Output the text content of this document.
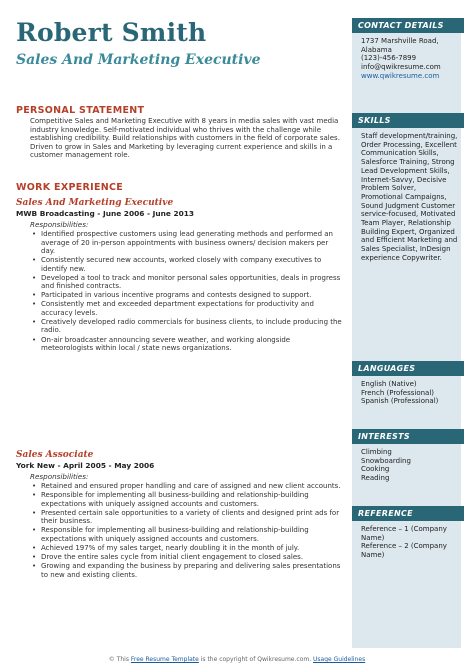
Robert Smith
Sales And Marketing Executive
PERSONAL STATEMENT
Competitive Sales and Marketing Executive with 8 years in media sales with vast media industry knowledge. Self-motivated individual who thrives with the challenge while establishing credibility. Build relationships with customers in the field of corporate sales. Driven to grow in Sales and Marketing by leveraging current experience and skills in a customer management role.
WORK EXPERIENCE
Sales And Marketing Executive
MWB Broadcasting - June 2006 - June 2013
Responsibilities:
• Identified prospective customers using lead generating methods and performed an average of 20 in-person appointments with business owners/ decision makers per day.
• Consistently secured new accounts, worked closely with company executives to identify new.
• Developed a tool to track and monitor personal sales opportunities, deals in progress and finished contracts.
• Participated in various incentive programs and contests designed to support.
• Consistently met and exceeded department expectations for productivity and accuracy levels.
• Creatively developed radio commercials for business clients, to include producing the radio.
• On-air broadcaster announcing severe weather, and working alongside meteorologists within local / state news organizations.
Sales Associate
York New - April 2005 - May 2006
Responsibilities:
• Retained and ensured proper handling and care of assigned and new client accounts.
• Responsible for implementing all business-building and relationship-building expectations with uniquely assigned accounts and customers.
• Presented certain sale opportunities to a variety of clients and designed print ads for their business.
• Responsible for implementing all business-building and relationship-building expectations with uniquely assigned accounts and customers.
• Achieved 197% of my sales target, nearly doubling it in the month of july.
• Drove the entire sales cycle from initial client engagement to closed sales.
• Growing and expanding the business by preparing and delivering sales presentations to new and existing clients.
CONTACT DETAILS
1737 Marshville Road,
Alabama
(123)-456-7899
info@qwikresume.com
www.qwikresume.com
SKILLS
Staff development/training, Order Processing, Excellent Communication Skills, Salesforce Training, Strong Lead Development Skills, Internet-Savvy, Decisive Problem Solver, Promotional Campaigns, Sound Judgment Customer service-focused, Motivated Team Player, Relationship Building Expert, Organized and Efficient Marketing and Sales Specialist, InDesign experience Copywriter.
LANGUAGES
English (Native)
French (Professional)
Spanish (Professional)
INTERESTS
Climbing
Snowboarding
Cooking
Reading
REFERENCE
Reference – 1 (Company Name)
Reference – 2 (Company Name)
© This Free Resume Template is the copyright of Qwikresume.com. Usage Guidelines
